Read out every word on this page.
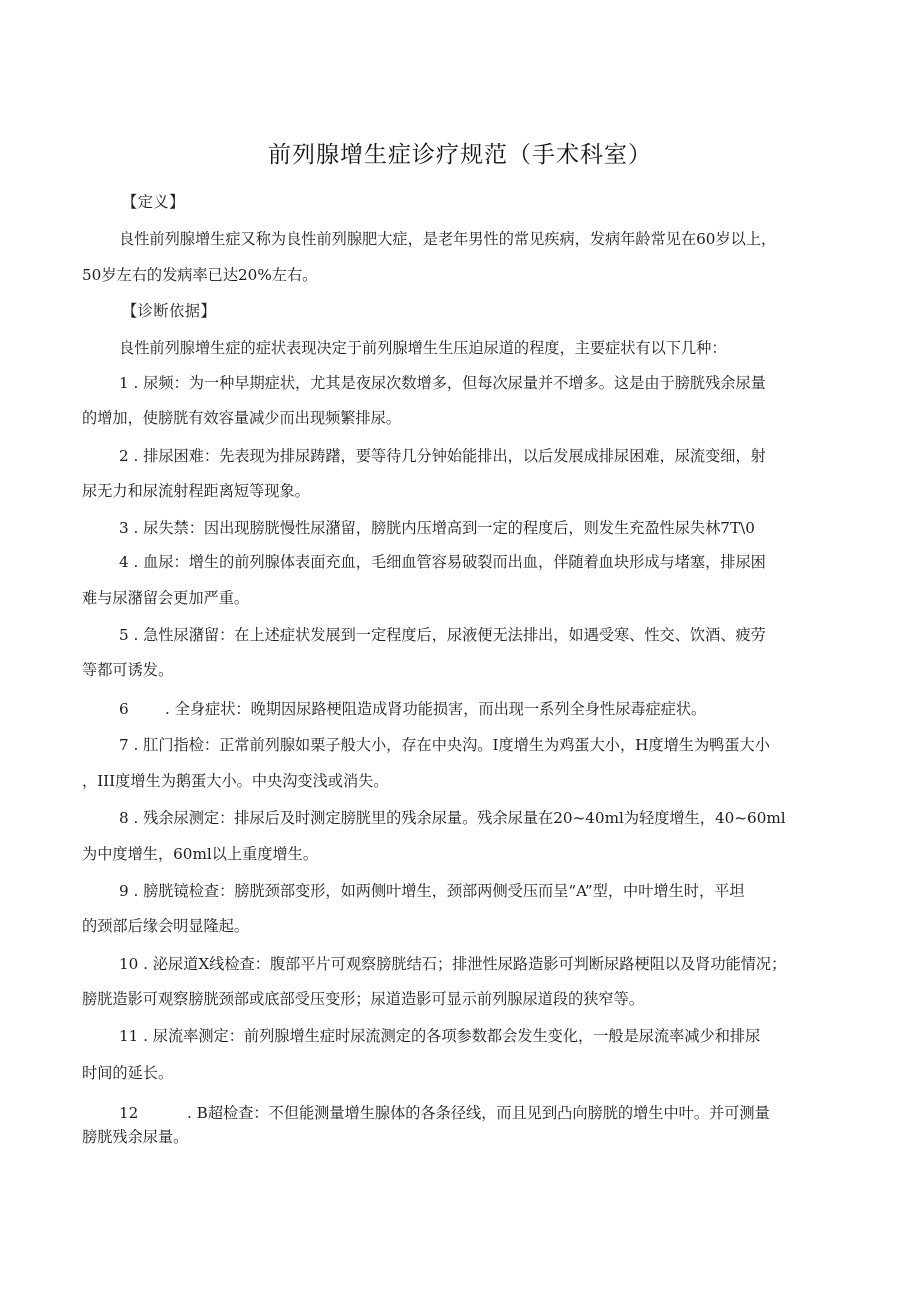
前列腺增生症诊疗规范（手术科室）
【定义】
良性前列腺增生症又称为良性前列腺肥大症，是老年男性的常见疾病，发病年龄常见在60岁以上，
50岁左右的发病率已达20%左右。
【诊断依据】
良性前列腺增生症的症状表现决定于前列腺增生生压迫尿道的程度，主要症状有以下几种：
1 . 尿频：为一种早期症状，尤其是夜尿次数增多，但每次尿量并不增多。这是由于膀胱残余尿量
的增加，使膀胱有效容量减少而出现频繁排尿。
2 . 排尿困难：先表现为排尿踌躇，要等待几分钟始能排出，以后发展成排尿困难，尿流变细，射
尿无力和尿流射程距离短等现象。
3 . 尿失禁：因出现膀胱慢性尿潴留，膀胱内压增高到一定的程度后，则发生充盈性尿失林7T\0
4 . 血尿：增生的前列腺体表面充血，毛细血管容易破裂而出血，伴随着血块形成与堵塞，排尿困
难与尿潴留会更加严重。
5 . 急性尿潴留：在上述症状发展到一定程度后，尿液便无法排出，如遇受寒、性交、饮酒、疲劳
等都可诱发。
6 . 全身症状：晚期因尿路梗阻造成肾功能损害，而出现一系列全身性尿毒症症状。
7 . 肛门指检：正常前列腺如栗子般大小，存在中央沟。I度增生为鸡蛋大小，H度增生为鸭蛋大小
，III度增生为鹅蛋大小。中央沟变浅或消失。
8 . 残余尿测定：排尿后及时测定膀胱里的残余尿量。残余尿量在20~40ml为轻度增生，40~60ml
为中度增生，60ml以上重度增生。
9 . 膀胱镜检查：膀胱颈部变形，如两侧叶增生，颈部两侧受压而呈“A”型，中叶增生时，平坦
的颈部后缘会明显隆起。
10 . 泌尿道X线检查：腹部平片可观察膀胱结石；排泄性尿路造影可判断尿路梗阻以及肾功能情况；
膀胱造影可观察膀胱颈部或底部受压变形；尿道造影可显示前列腺尿道段的狭窄等。
11 . 尿流率测定：前列腺增生症时尿流测定的各项参数都会发生变化，一般是尿流率减少和排尿
时间的延长。
12	. B超检查：不但能测量增生腺体的各条径线，而且见到凸向膀胱的增生中叶。并可测量
膀胱残余尿量。
